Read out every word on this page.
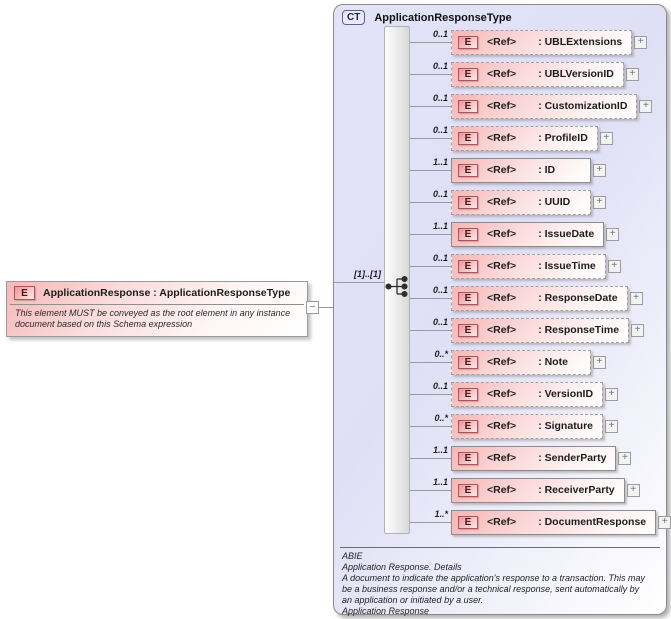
E	ApplicationResponse : ApplicationResponseType
This element MUST be conveyed as the root element in any instance document based on this Schema expression
−
CT	ApplicationResponseType
[1]..[1]
0..1
E	<Ref> : UBLExtensions	+
0..1
E	<Ref> : UBLVersionID	+
0..1
E	<Ref> : CustomizationID	+
0..1
E	<Ref> : ProfileID	+
1..1
E	<Ref> : ID	+
0..1
E	<Ref> : UUID	+
1..1
E	<Ref> : IssueDate	+
0..1
E	<Ref> : IssueTime	+
0..1
E	<Ref> : ResponseDate	+
0..1
E	<Ref> : ResponseTime	+
0..*
E	<Ref> : Note	+
0..1
E	<Ref> : VersionID	+
0..*
E	<Ref> : Signature	+
1..1
E	<Ref> : SenderParty	+
1..1
E	<Ref> : ReceiverParty	+
1..*
E	<Ref> : DocumentResponse	+
ABIE
Application Response. Details
A document to indicate the application's response to a transaction. This may
be a business response and/or a technical response, sent automatically by
an application or initiated by a user.
Application Response
